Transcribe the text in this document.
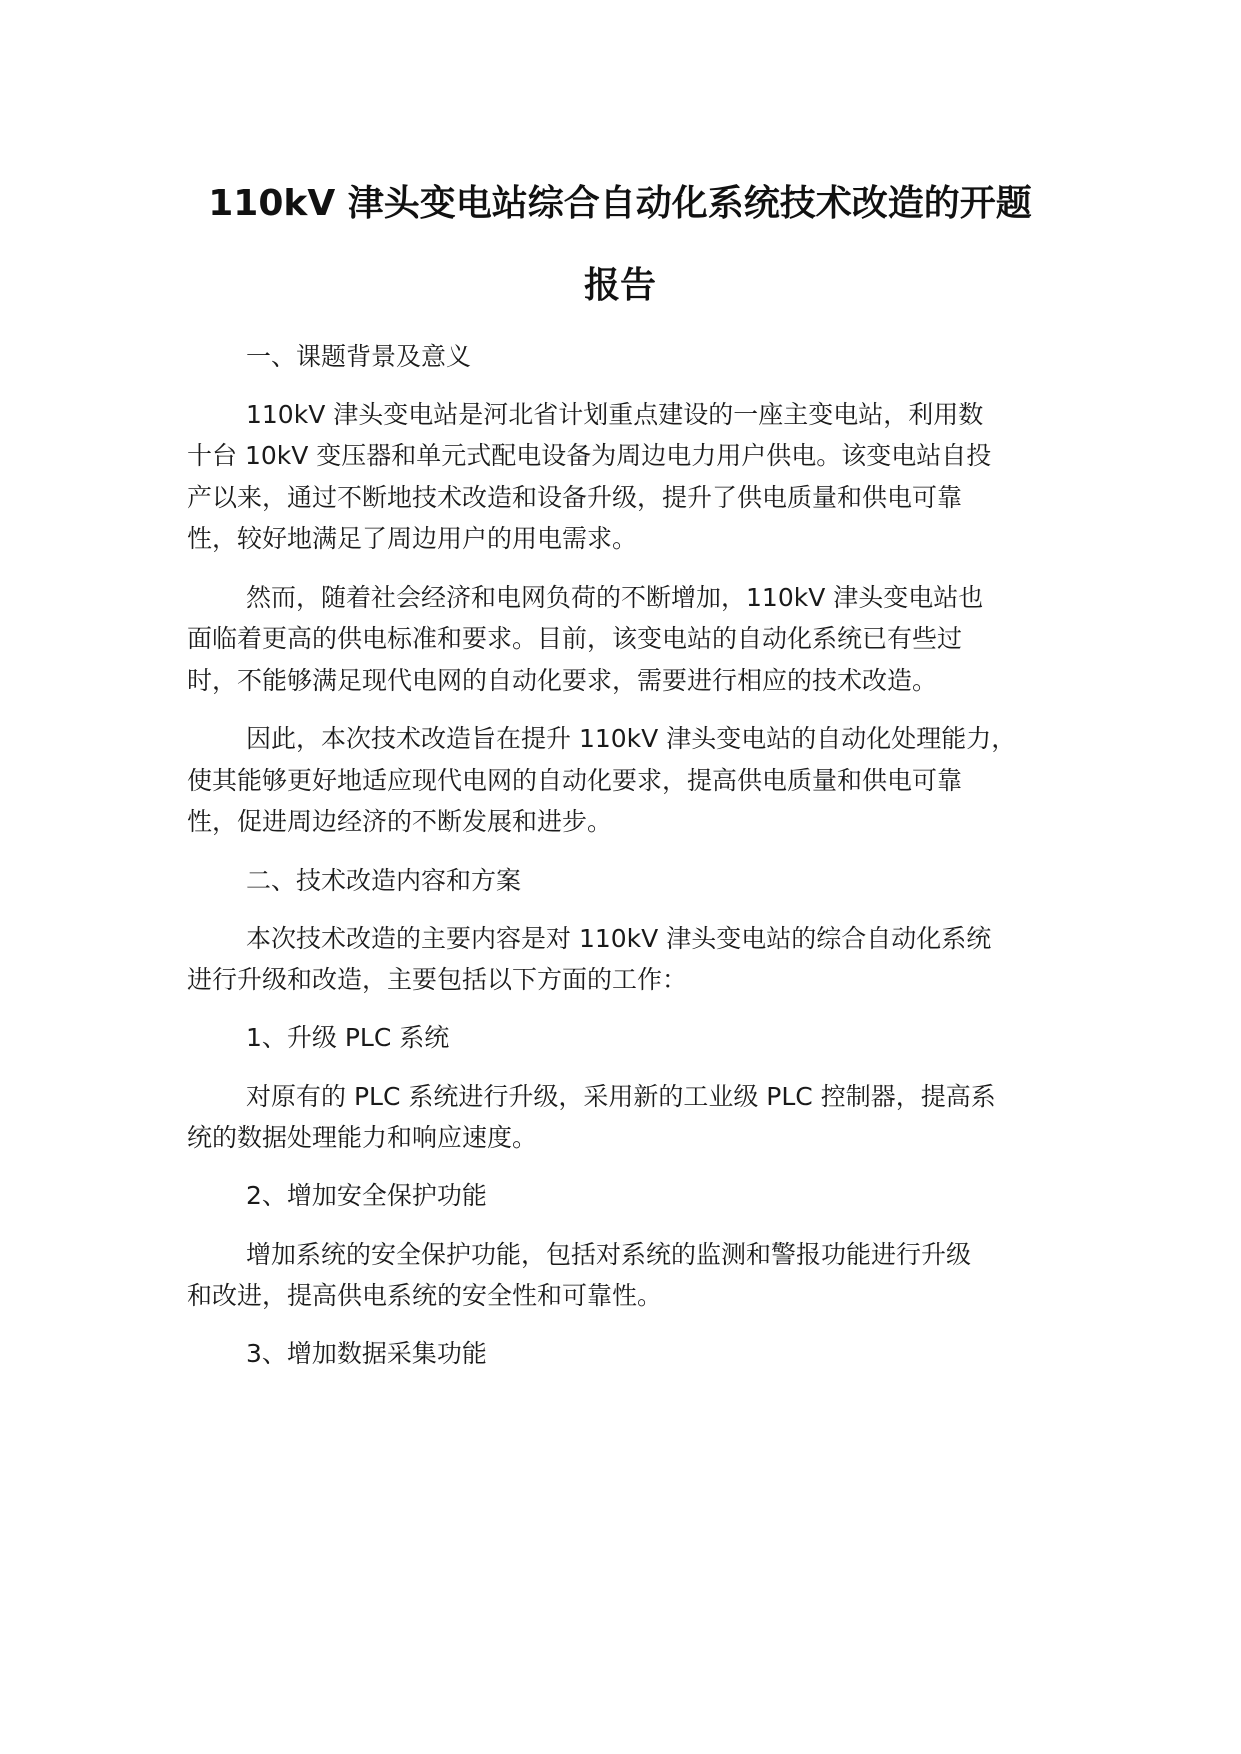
110kV 津头变电站综合自动化系统技术改造的开题
报告

一、课题背景及意义

110kV 津头变电站是河北省计划重点建设的一座主变电站，利用数

十台 10kV 变压器和单元式配电设备为周边电力用户供电。该变电站自投

产以来，通过不断地技术改造和设备升级，提升了供电质量和供电可靠

性，较好地满足了周边用户的用电需求。

然而，随着社会经济和电网负荷的不断增加，110kV 津头变电站也

面临着更高的供电标准和要求。目前，该变电站的自动化系统已有些过

时，不能够满足现代电网的自动化要求，需要进行相应的技术改造。

因此，本次技术改造旨在提升 110kV 津头变电站的自动化处理能力，

使其能够更好地适应现代电网的自动化要求，提高供电质量和供电可靠

性，促进周边经济的不断发展和进步。

二、技术改造内容和方案

本次技术改造的主要内容是对 110kV 津头变电站的综合自动化系统

进行升级和改造，主要包括以下方面的工作：

1、升级 PLC 系统

对原有的 PLC 系统进行升级，采用新的工业级 PLC 控制器，提高系

统的数据处理能力和响应速度。

2、增加安全保护功能

增加系统的安全保护功能，包括对系统的监测和警报功能进行升级

和改进，提高供电系统的安全性和可靠性。

3、增加数据采集功能
